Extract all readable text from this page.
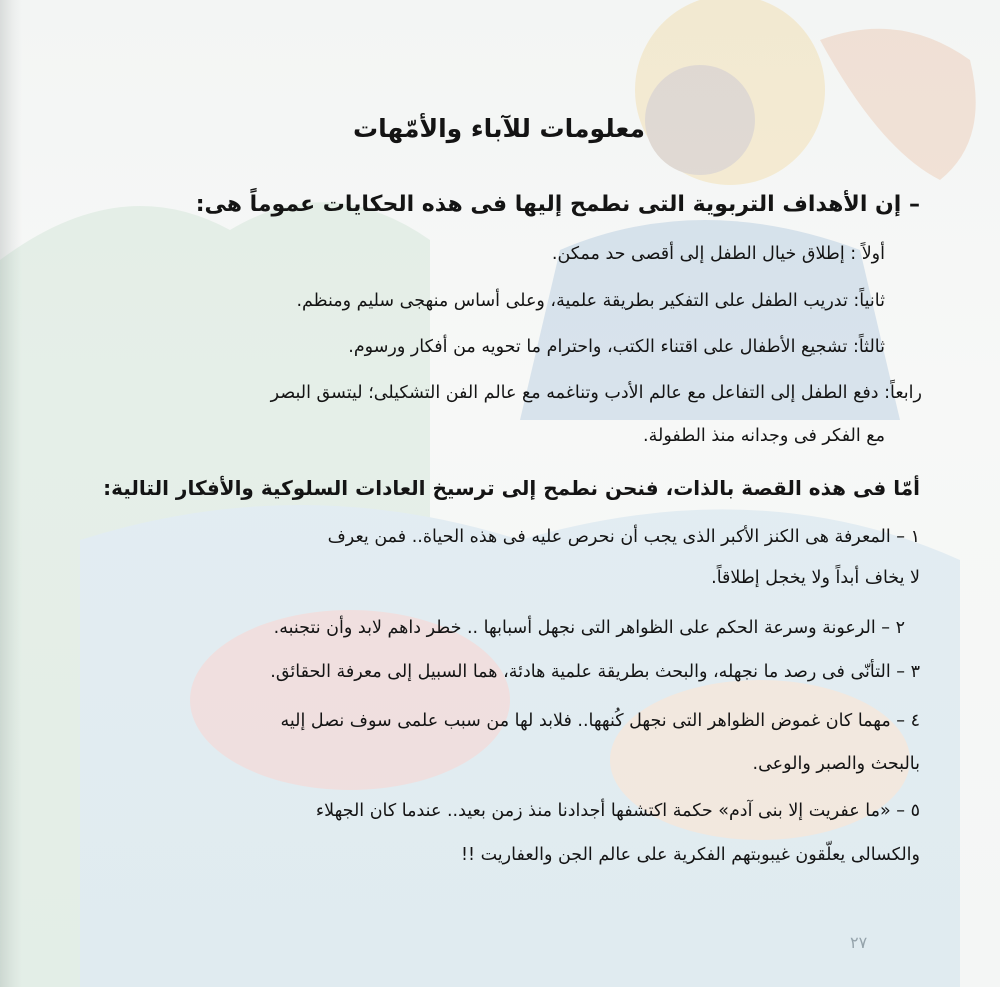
معلومات للآباء والأمّهات
– إن الأهداف التربوية التى نطمح إليها فى هذه الحكايات عموماً هى:
أولاً : إطلاق خيال الطفل إلى أقصى حد ممكن.
ثانياً: تدريب الطفل على التفكير بطريقة علمية، وعلى أساس منهجى سليم ومنظم.
ثالثاً: تشجيع الأطفال على اقتناء الكتب، واحترام ما تحويه من أفكار ورسوم.
رابعاً: دفع الطفل إلى التفاعل مع عالم الأدب وتناغمه مع عالم الفن التشكيلى؛ ليتسق البصر
مع الفكر فى وجدانه منذ الطفولة.
أمّا فى هذه القصة بالذات، فنحن نطمح إلى ترسيخ العادات السلوكية والأفكار التالية:
١ – المعرفة هى الكنز الأكبر الذى يجب أن نحرص عليه فى هذه الحياة.. فمن يعرف
لا يخاف أبداً ولا يخجل إطلاقاً.
٢ – الرعونة وسرعة الحكم على الظواهر التى نجهل أسبابها .. خطر داهم لابد وأن نتجنبه.
٣ – التأنّى فى رصد ما نجهله، والبحث بطريقة علمية هادئة، هما السبيل إلى معرفة الحقائق.
٤ – مهما كان غموض الظواهر التى نجهل كُنهها.. فلابد لها من سبب علمى سوف نصل إليه
بالبحث والصبر والوعى.
٥ – «ما عفريت إلا بنى آدم» حكمة اكتشفها أجدادنا منذ زمن بعيد.. عندما كان الجهلاء
والكسالى يعلّقون غيبوبتهم الفكرية على عالم الجن والعفاريت !!
٢٧
